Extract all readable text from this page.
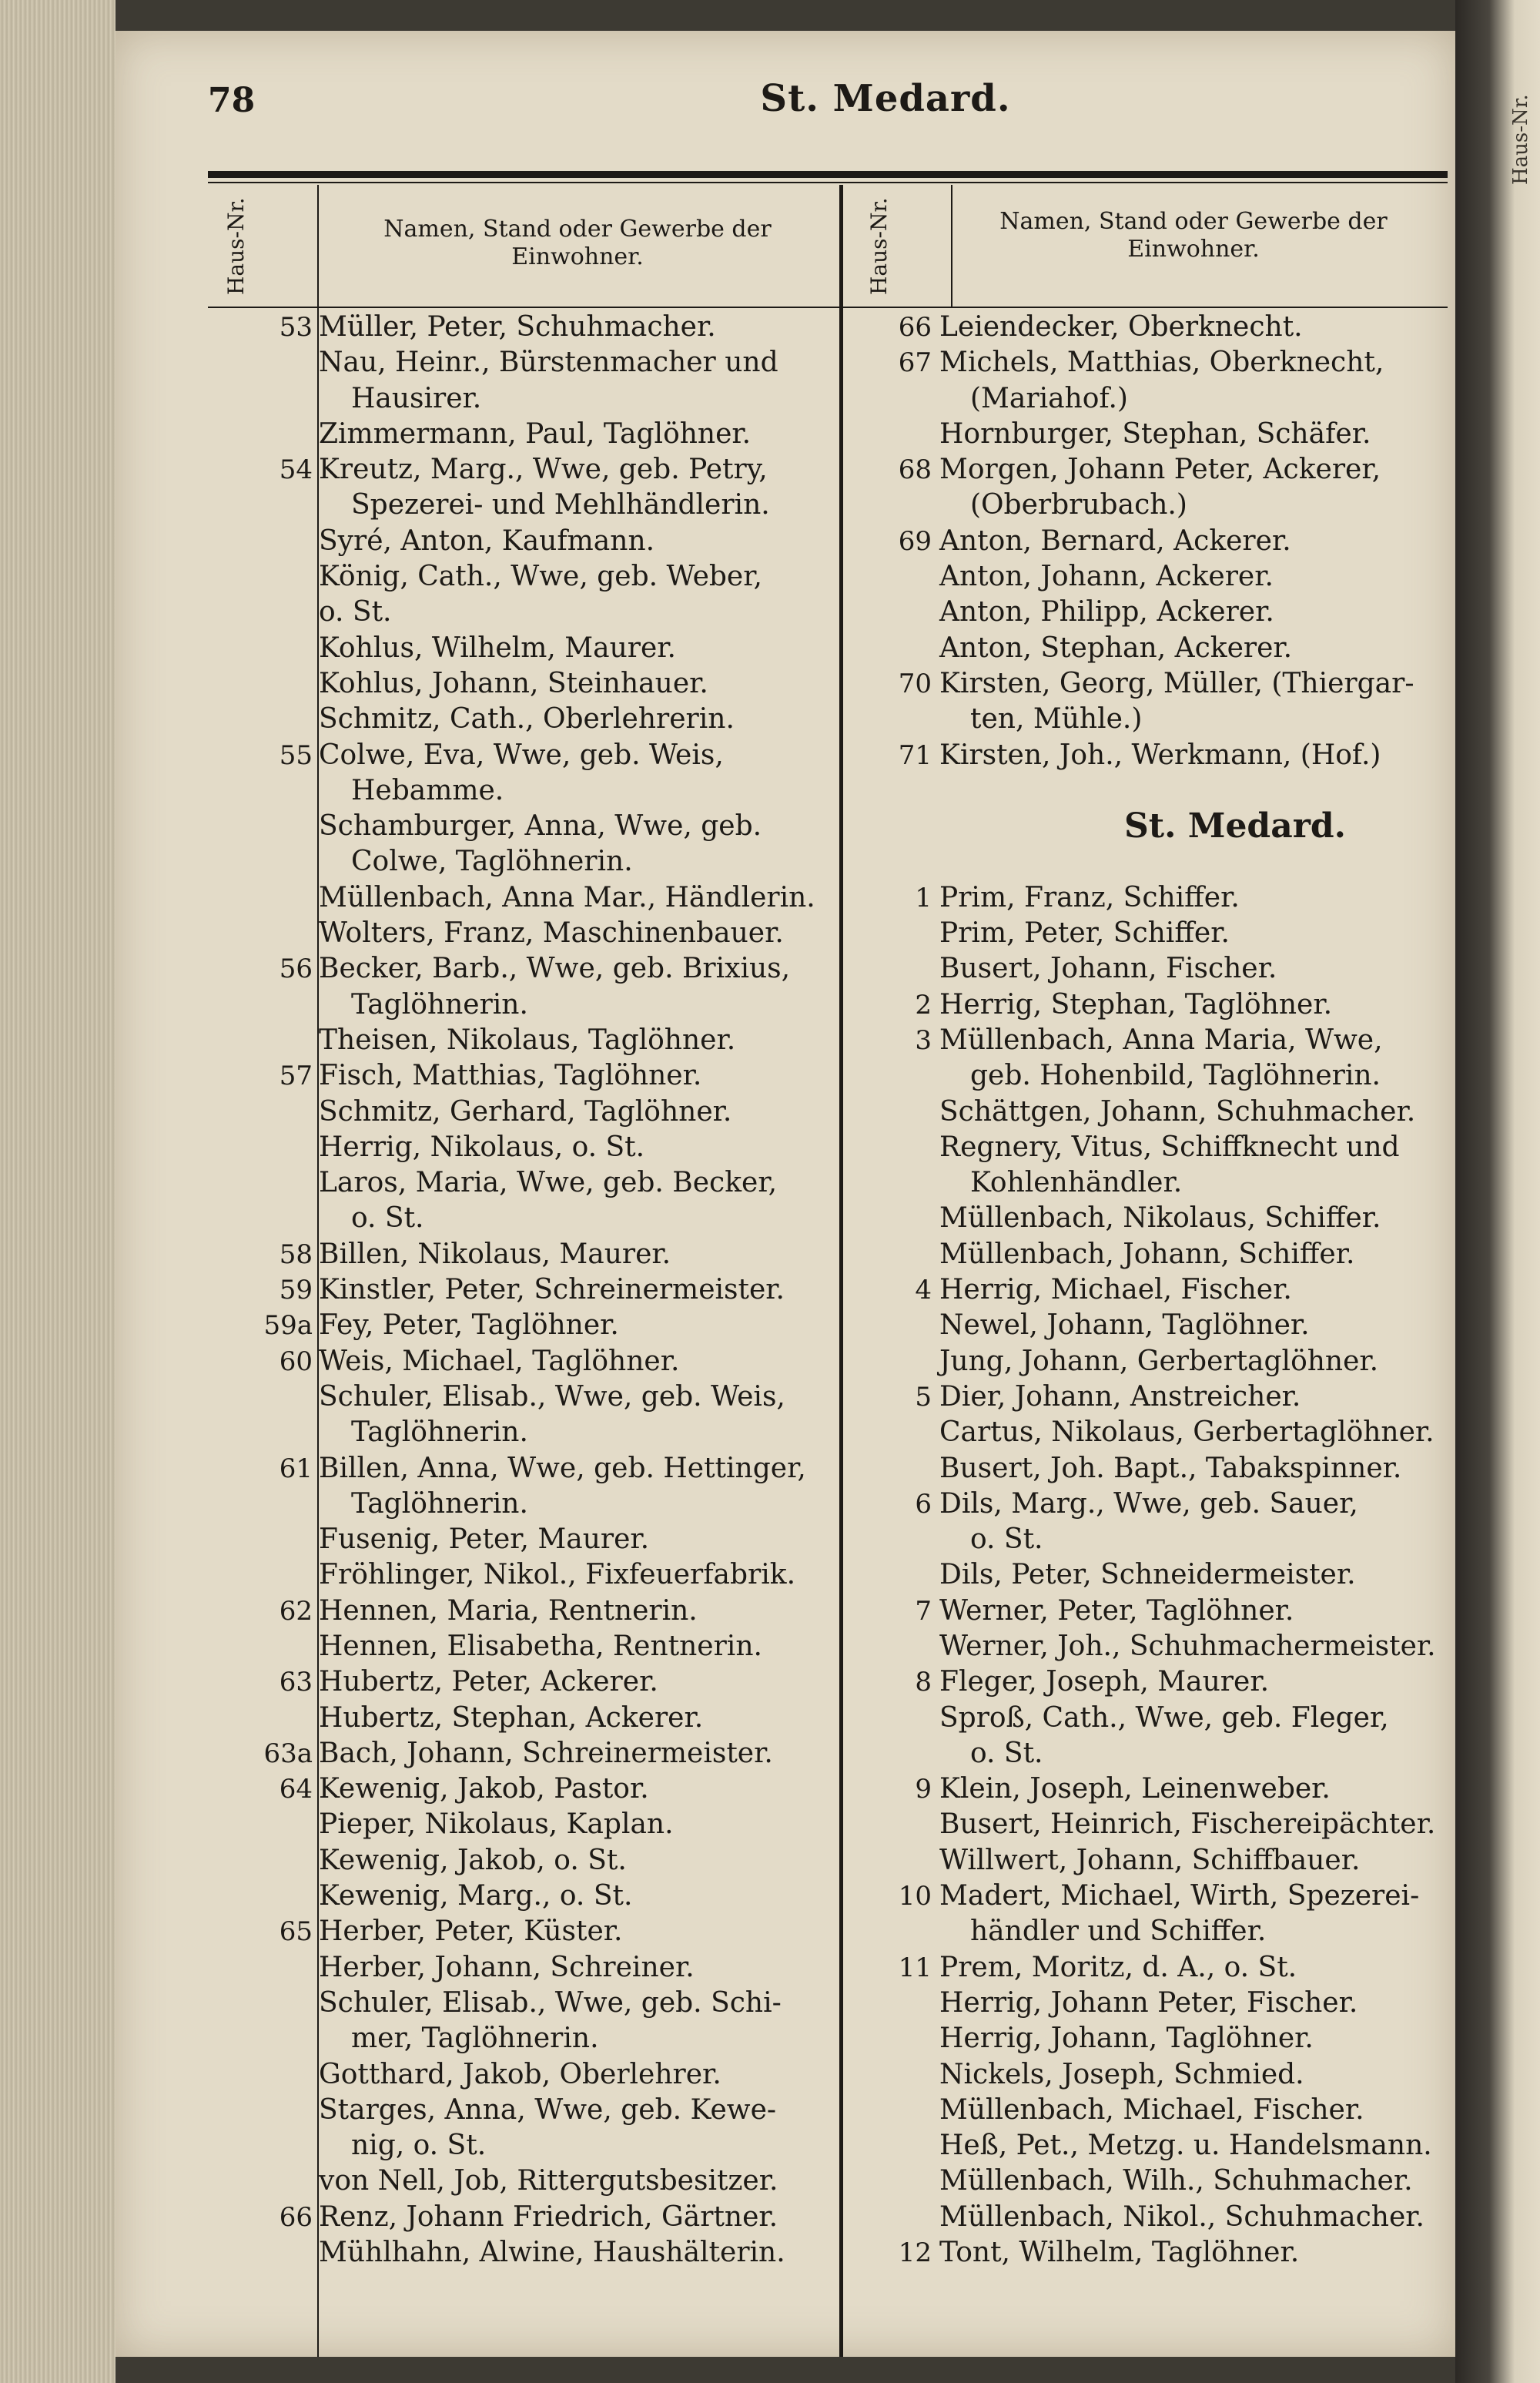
Haus-Nr.
78	St. Medard.
Haus-Nr.	Namen, Stand oder Gewerbe der Einwohner.	Haus-Nr.	Namen, Stand oder Gewerbe der Einwohner.
53 Müller, Peter, Schuhmacher.
Nau, Heinr., Bürstenmacher und
Hausirer.
Zimmermann, Paul, Taglöhner.
54 Kreutz, Marg., Wwe, geb. Petry,
Spezerei- und Mehlhändlerin.
Syré, Anton, Kaufmann.
König, Cath., Wwe, geb. Weber,
o. St.
Kohlus, Wilhelm, Maurer.
Kohlus, Johann, Steinhauer.
Schmitz, Cath., Oberlehrerin.
55 Colwe, Eva, Wwe, geb. Weis,
Hebamme.
Schamburger, Anna, Wwe, geb.
Colwe, Taglöhnerin.
Müllenbach, Anna Mar., Händlerin.
Wolters, Franz, Maschinenbauer.
56 Becker, Barb., Wwe, geb. Brixius,
Taglöhnerin.
Theisen, Nikolaus, Taglöhner.
57 Fisch, Matthias, Taglöhner.
Schmitz, Gerhard, Taglöhner.
Herrig, Nikolaus, o. St.
Laros, Maria, Wwe, geb. Becker,
o. St.
58 Billen, Nikolaus, Maurer.
59 Kinstler, Peter, Schreinermeister.
59a Fey, Peter, Taglöhner.
60 Weis, Michael, Taglöhner.
Schuler, Elisab., Wwe, geb. Weis,
Taglöhnerin.
61 Billen, Anna, Wwe, geb. Hettinger,
Taglöhnerin.
Fusenig, Peter, Maurer.
Fröhlinger, Nikol., Fixfeuerfabrik.
62 Hennen, Maria, Rentnerin.
Hennen, Elisabetha, Rentnerin.
63 Hubertz, Peter, Ackerer.
Hubertz, Stephan, Ackerer.
63a Bach, Johann, Schreinermeister.
64 Kewenig, Jakob, Pastor.
Pieper, Nikolaus, Kaplan.
Kewenig, Jakob, o. St.
Kewenig, Marg., o. St.
65 Herber, Peter, Küster.
Herber, Johann, Schreiner.
Schuler, Elisab., Wwe, geb. Schi-
mer, Taglöhnerin.
Gotthard, Jakob, Oberlehrer.
Starges, Anna, Wwe, geb. Kewe-
nig, o. St.
von Nell, Job, Rittergutsbesitzer.
66 Renz, Johann Friedrich, Gärtner.
Mühlhahn, Alwine, Haushälterin.
66 Leiendecker, Oberknecht.
67 Michels, Matthias, Oberknecht,
(Mariahof.)
Hornburger, Stephan, Schäfer.
68 Morgen, Johann Peter, Ackerer,
(Oberbrubach.)
69 Anton, Bernard, Ackerer.
Anton, Johann, Ackerer.
Anton, Philipp, Ackerer.
Anton, Stephan, Ackerer.
70 Kirsten, Georg, Müller, (Thiergar-
ten, Mühle.)
71 Kirsten, Joh., Werkmann, (Hof.)
St. Medard.
1 Prim, Franz, Schiffer.
Prim, Peter, Schiffer.
Busert, Johann, Fischer.
2 Herrig, Stephan, Taglöhner.
3 Müllenbach, Anna Maria, Wwe,
geb. Hohenbild, Taglöhnerin.
Schättgen, Johann, Schuhmacher.
Regnery, Vitus, Schiffknecht und
Kohlenhändler.
Müllenbach, Nikolaus, Schiffer.
Müllenbach, Johann, Schiffer.
4 Herrig, Michael, Fischer.
Newel, Johann, Taglöhner.
Jung, Johann, Gerbertaglöhner.
5 Dier, Johann, Anstreicher.
Cartus, Nikolaus, Gerbertaglöhner.
Busert, Joh. Bapt., Tabakspinner.
6 Dils, Marg., Wwe, geb. Sauer,
o. St.
Dils, Peter, Schneidermeister.
7 Werner, Peter, Taglöhner.
Werner, Joh., Schuhmachermeister.
8 Fleger, Joseph, Maurer.
Sproß, Cath., Wwe, geb. Fleger,
o. St.
9 Klein, Joseph, Leinenweber.
Busert, Heinrich, Fischereipächter.
Willwert, Johann, Schiffbauer.
10 Madert, Michael, Wirth, Spezerei-
händler und Schiffer.
11 Prem, Moritz, d. A., o. St.
Herrig, Johann Peter, Fischer.
Herrig, Johann, Taglöhner.
Nickels, Joseph, Schmied.
Müllenbach, Michael, Fischer.
Heß, Pet., Metzg. u. Handelsmann.
Müllenbach, Wilh., Schuhmacher.
Müllenbach, Nikol., Schuhmacher.
12 Tont, Wilhelm, Taglöhner.
